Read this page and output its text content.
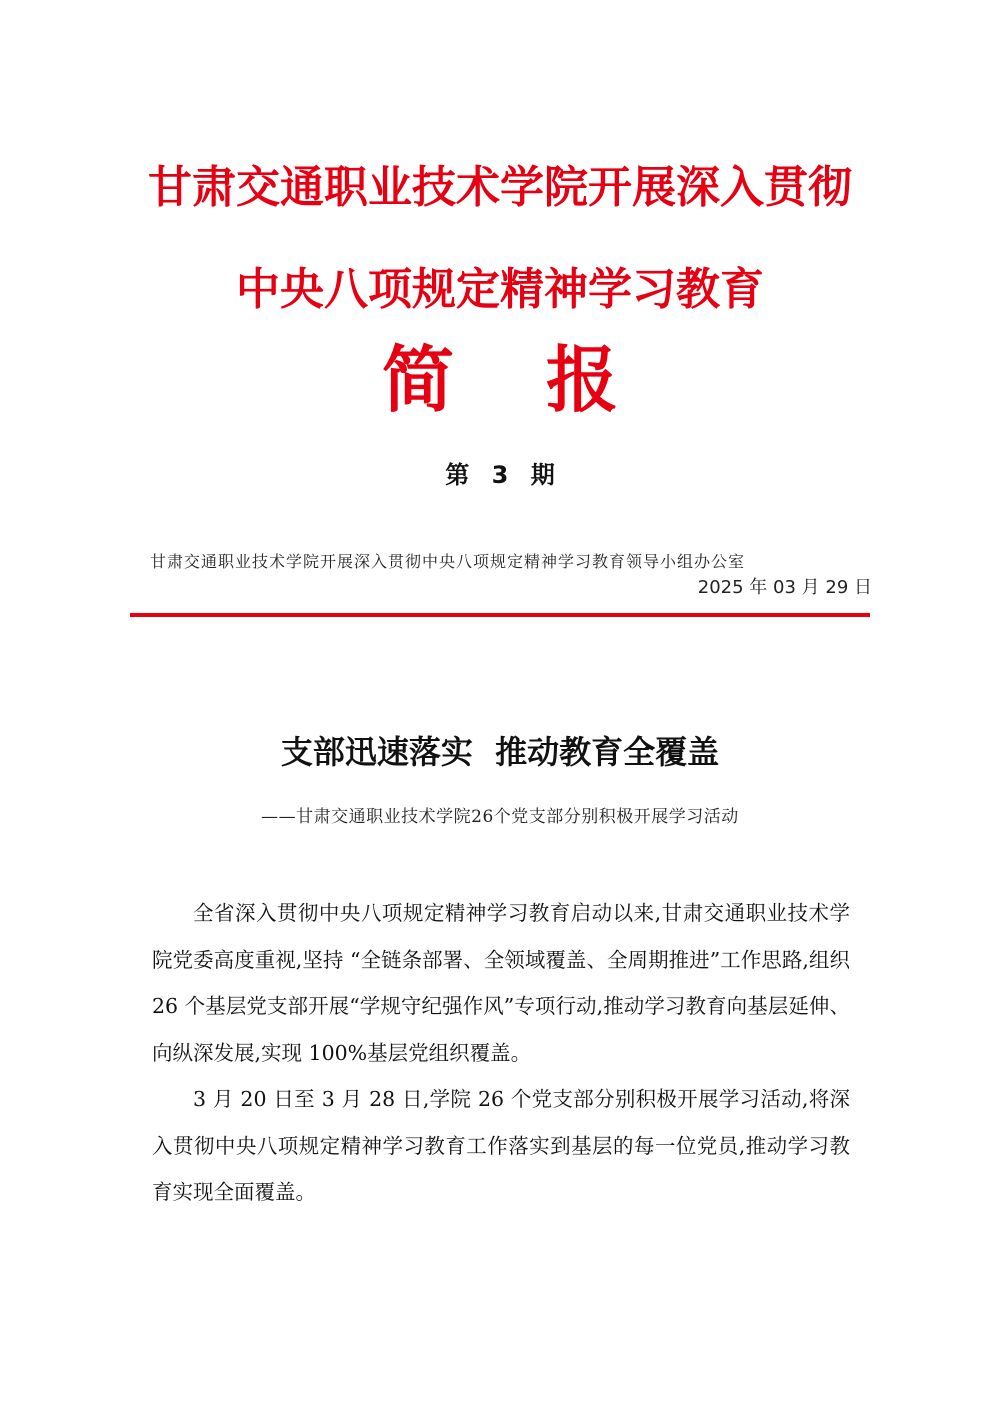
甘肃交通职业技术学院开展深入贯彻
中央八项规定精神学习教育
简报
第 3 期
甘肃交通职业技术学院开展深入贯彻中央八项规定精神学习教育领导小组办公室
2025 年 03 月 29 日
支部迅速落实  推动教育全覆盖
——甘肃交通职业技术学院26个党支部分别积极开展学习活动

全省深入贯彻中央八项规定精神学习教育启动以来,甘肃交通职业技术学院党委高度重视,坚持 “全链条部署、全领域覆盖、全周期推进”工作思路,组织 26 个基层党支部开展“学规守纪强作风”专项行动,推动学习教育向基层延伸、向纵深发展,实现 100%基层党组织覆盖。

3 月 20 日至 3 月 28 日,学院 26 个党支部分别积极开展学习活动,将深入贯彻中央八项规定精神学习教育工作落实到基层的每一位党员,推动学习教育实现全面覆盖。
